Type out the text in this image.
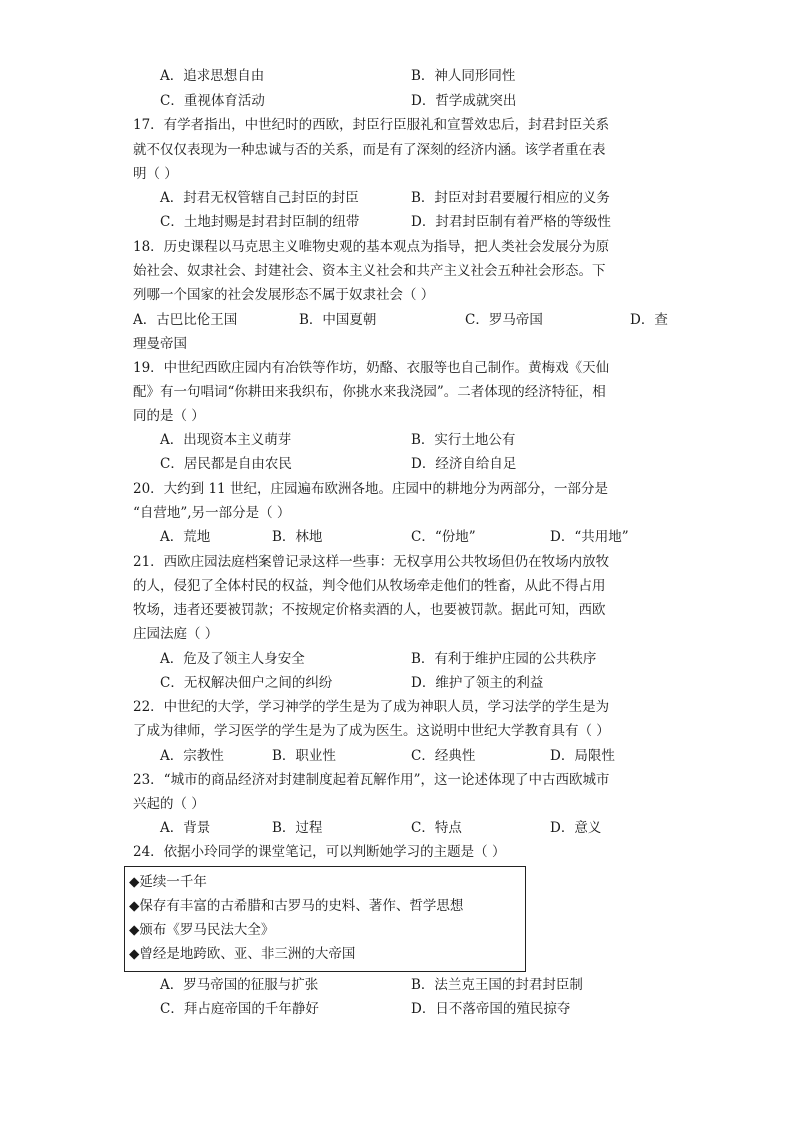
A．追求思想自由	B．神人同形同性
C．重视体育活动	D．哲学成就突出
17．有学者指出，中世纪时的西欧，封臣行臣服礼和宣誓效忠后，封君封臣关系
就不仅仅表现为一种忠诚与否的关系，而是有了深刻的经济内涵。该学者重在表
明（ ）
A．封君无权管辖自己封臣的封臣	B．封臣对封君要履行相应的义务
C．土地封赐是封君封臣制的纽带	D．封君封臣制有着严格的等级性
18．历史课程以马克思主义唯物史观的基本观点为指导，把人类社会发展分为原
始社会、奴隶社会、封建社会、资本主义社会和共产主义社会五种社会形态。下
列哪一个国家的社会发展形态不属于奴隶社会（ ）
A．古巴比伦王国	B．中国夏朝	C．罗马帝国	D．查
理曼帝国
19．中世纪西欧庄园内有冶铁等作坊，奶酪、衣服等也自己制作。黄梅戏《天仙
配》有一句唱词“你耕田来我织布，你挑水来我浇园”。二者体现的经济特征，相
同的是（ ）
A．出现资本主义萌芽	B．实行土地公有
C．居民都是自由农民	D．经济自给自足
20．大约到 11 世纪，庄园遍布欧洲各地。庄园中的耕地分为两部分，一部分是
“自营地”,另一部分是（ ）
A．荒地	B．林地	C．“份地”	D．“共用地”
21．西欧庄园法庭档案曾记录这样一些事：无权享用公共牧场但仍在牧场内放牧
的人，侵犯了全体村民的权益，判令他们从牧场牵走他们的牲畜，从此不得占用
牧场，违者还要被罚款；不按规定价格卖酒的人，也要被罚款。据此可知，西欧
庄园法庭（ ）
A．危及了领主人身安全	B．有利于维护庄园的公共秩序
C．无权解决佃户之间的纠纷	D．维护了领主的利益
22．中世纪的大学，学习神学的学生是为了成为神职人员，学习法学的学生是为
了成为律师，学习医学的学生是为了成为医生。这说明中世纪大学教育具有（ ）
A．宗教性	B．职业性	C．经典性	D．局限性
23．“城市的商品经济对封建制度起着瓦解作用”，这一论述体现了中古西欧城市
兴起的（ ）
A．背景	B．过程	C．特点	D．意义
24．依据小玲同学的课堂笔记，可以判断她学习的主题是（ ）
◆延续一千年
◆保存有丰富的古希腊和古罗马的史料、著作、哲学思想
◆颁布《罗马民法大全》
◆曾经是地跨欧、亚、非三洲的大帝国
A．罗马帝国的征服与扩张	B．法兰克王国的封君封臣制
C．拜占庭帝国的千年静好	D．日不落帝国的殖民掠夺
